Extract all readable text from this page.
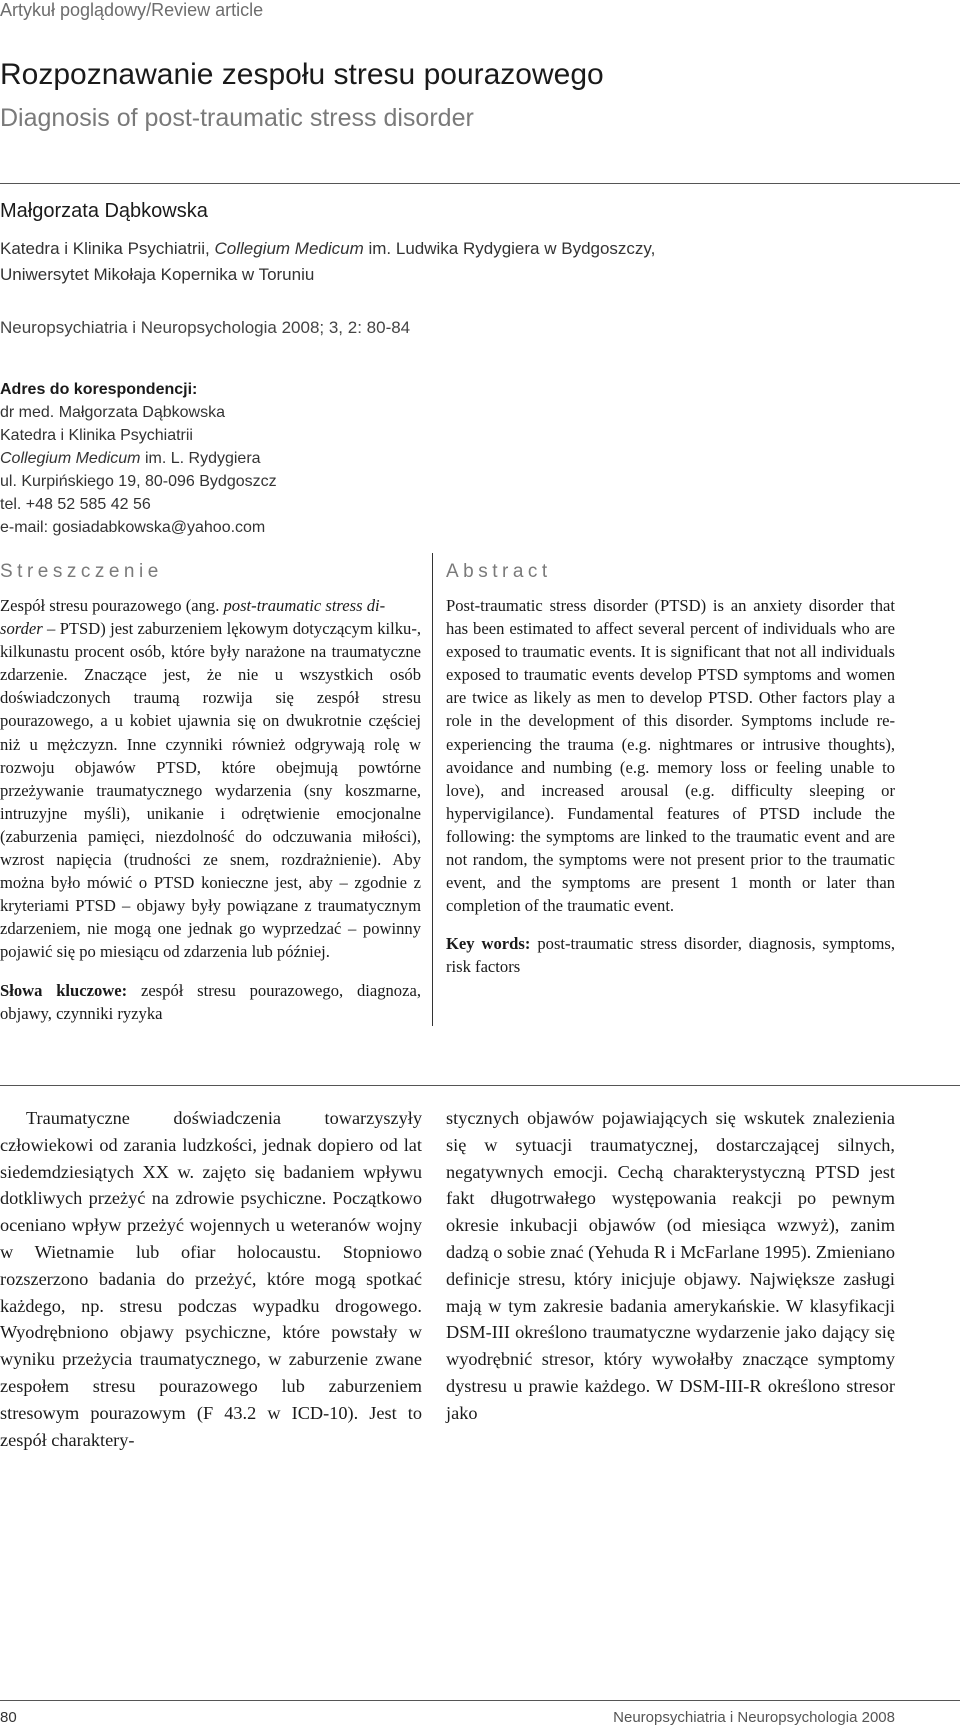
Artykuł poglądowy/Review article
Rozpoznawanie zespołu stresu pourazowego
Diagnosis of post-traumatic stress disorder
Małgorzata Dąbkowska
Katedra i Klinika Psychiatrii, Collegium Medicum im. Ludwika Rydygiera w Bydgoszczy,
Uniwersytet Mikołaja Kopernika w Toruniu
Neuropsychiatria i Neuropsychologia 2008; 3, 2: 80-84
Adres do korespondencji:
dr med. Małgorzata Dąbkowska
Katedra i Klinika Psychiatrii
Collegium Medicum im. L. Rydygiera
ul. Kurpińskiego 19, 80-096 Bydgoszcz
tel. +48 52 585 42 56
e-mail: gosiadabkowska@yahoo.com
Streszczenie	Abstract
Zespół stresu pourazowego (ang. post-traumatic stress di-
sorder – PTSD) jest zaburzeniem lękowym dotyczącym kilku-, kilkunastu procent osób, które były narażone na traumatyczne zdarzenie. Znaczące jest, że nie u wszystkich osób doświadczonych traumą rozwija się zespół stresu pourazowego, a u kobiet ujawnia się on dwukrotnie częściej niż u mężczyzn. Inne czynniki również odgrywają rolę w rozwoju objawów PTSD, które obejmują powtórne przeżywanie traumatycznego wydarzenia (sny koszmarne, intruzyjne myśli), unikanie i odrętwienie emocjonalne (zaburzenia pamięci, niezdolność do odczuwania miłości), wzrost napięcia (trudności ze snem, rozdrażnienie). Aby można było mówić o PTSD konieczne jest, aby – zgodnie z kryteriami PTSD – objawy były powiązane z traumatycznym zdarzeniem, nie mogą one jednak go wyprzedzać – powinny pojawić się po miesiącu od zdarzenia lub później.
Słowa kluczowe: zespół stresu pourazowego, diagnoza, objawy, czynniki ryzyka
Post-traumatic stress disorder (PTSD) is an anxiety disorder that has been estimated to affect several percent of individuals who are exposed to traumatic events. It is significant that not all individuals exposed to traumatic events develop PTSD symptoms and women are twice as likely as men to develop PTSD. Other factors play a role in the development of this disorder. Symptoms include re-experiencing the trauma (e.g. nightmares or intrusive thoughts), avoidance and numbing (e.g. memory loss or feeling unable to love), and increased arousal (e.g. difficulty sleeping or hypervigilance). Fundamental features of PTSD include the following: the symptoms are linked to the traumatic event and are not random, the symptoms were not present prior to the traumatic event, and the symptoms are present 1 month or later than completion of the traumatic event.
Key words: post-traumatic stress disorder, diagnosis, symptoms, risk factors
Traumatyczne doświadczenia towarzyszyły człowiekowi od zarania ludzkości, jednak dopiero od lat siedemdziesiątych XX w. zajęto się badaniem wpływu dotkliwych przeżyć na zdrowie psychiczne. Początkowo oceniano wpływ przeżyć wojennych u weteranów wojny w Wietnamie lub ofiar holocaustu. Stopniowo rozszerzono badania do przeżyć, które mogą spotkać każdego, np. stresu podczas wypadku drogowego. Wyodrębniono objawy psychiczne, które powstały w wyniku przeżycia traumatycznego, w zaburzenie zwane zespołem stresu pourazowego lub zaburzeniem stresowym pourazowym (F 43.2 w ICD-10). Jest to zespół charaktery-
stycznych objawów pojawiających się wskutek znalezienia się w sytuacji traumatycznej, dostarczającej silnych, negatywnych emocji. Cechą charakterystyczną PTSD jest fakt długotrwałego występowania reakcji po pewnym okresie inkubacji objawów (od miesiąca wzwyż), zanim dadzą o sobie znać (Yehuda R i McFarlane 1995). Zmieniano definicje stresu, który inicjuje objawy. Największe zasługi mają w tym zakresie badania amerykańskie. W klasyfikacji DSM-III określono traumatyczne wydarzenie jako dający się wyodrębnić stresor, który wywołałby znaczące symptomy dystresu u prawie każdego. W DSM-III-R określono stresor jako
80	Neuropsychiatria i Neuropsychologia 2008
